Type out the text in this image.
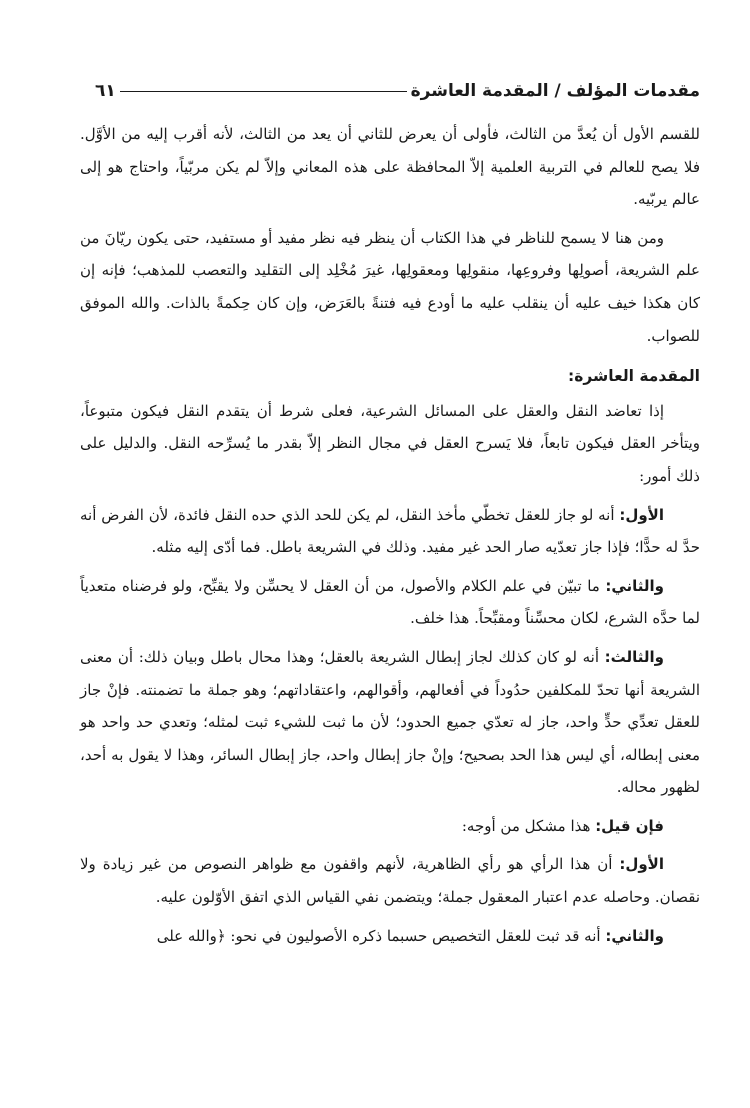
مقدمات المؤلف / المقدمة العاشرة
٦١

للقسم الأول أن يُعدَّ من الثالث، فأولى أن يعرض للثاني أن يعد من الثالث، لأنه أقرب إليه من الأوَّل. فلا يصح للعالم في التربية العلمية إلاّ المحافظة على هذه المعاني وإلاّ لم يكن مربّياً، واحتاج هو إلى عالم يربّيه.

ومن هنا لا يسمح للناظر في هذا الكتاب أن ينظر فيه نظر مفيد أو مستفيد، حتى يكون ريّانَ من علم الشريعة، أصولِها وفروعِها، منقولِها ومعقولِها، غيرَ مُخْلِد إلى التقليد والتعصب للمذهب؛ فإنه إن كان هكذا خيف عليه أن ينقلب عليه ما أودع فيه فتنةً بالعَرَض، وإن كان حِكمةً بالذات. والله الموفق للصواب.

المقدمة العاشرة:

إذا تعاضد النقل والعقل على المسائل الشرعية، فعلى شرط أن يتقدم النقل فيكون متبوعاً، ويتأخر العقل فيكون تابعاً، فلا يَسرح العقل في مجال النظر إلاّ بقدر ما يُسرِّحه النقل. والدليل على ذلك أمور:

الأول: أنه لو جاز للعقل تخطّي مأخذ النقل، لم يكن للحد الذي حده النقل فائدة، لأن الفرض أنه حدَّ له حدًّا؛ فإذا جاز تعدّيه صار الحد غير مفيد. وذلك في الشريعة باطل. فما أدّى إليه مثله.

والثاني: ما تبيّن في علم الكلام والأصول، من أن العقل لا يحسِّن ولا يقبِّح، ولو فرضناه متعدياً لما حدَّه الشرع، لكان محسِّناً ومقبِّحاً. هذا خلف.

والثالث: أنه لو كان كذلك لجاز إبطال الشريعة بالعقل؛ وهذا محال باطل وبيان ذلك: أن معنى الشريعة أنها تحدّ للمكلفين حدُوداً في أفعالهم، وأقوالهم، واعتقاداتهم؛ وهو جملة ما تضمنته. فإنْ جاز للعقل تعدِّي حدٍّ واحد، جاز له تعدّي جميع الحدود؛ لأن ما ثبت للشيء ثبت لمثله؛ وتعدي حد واحد هو معنى إبطاله، أي ليس هذا الحد بصحيح؛ وإنْ جاز إبطال واحد، جاز إبطال السائر، وهذا لا يقول به أحد، لظهور محاله.

فإن قيل: هذا مشكل من أوجه:

الأول: أن هذا الرأي هو رأي الظاهرية، لأنهم واقفون مع ظواهر النصوص من غير زيادة ولا نقصان. وحاصله عدم اعتبار المعقول جملة؛ ويتضمن نفي القياس الذي اتفق الأوّلون عليه.

والثاني: أنه قد ثبت للعقل التخصيص حسبما ذكره الأصوليون في نحو: ﴿والله على
